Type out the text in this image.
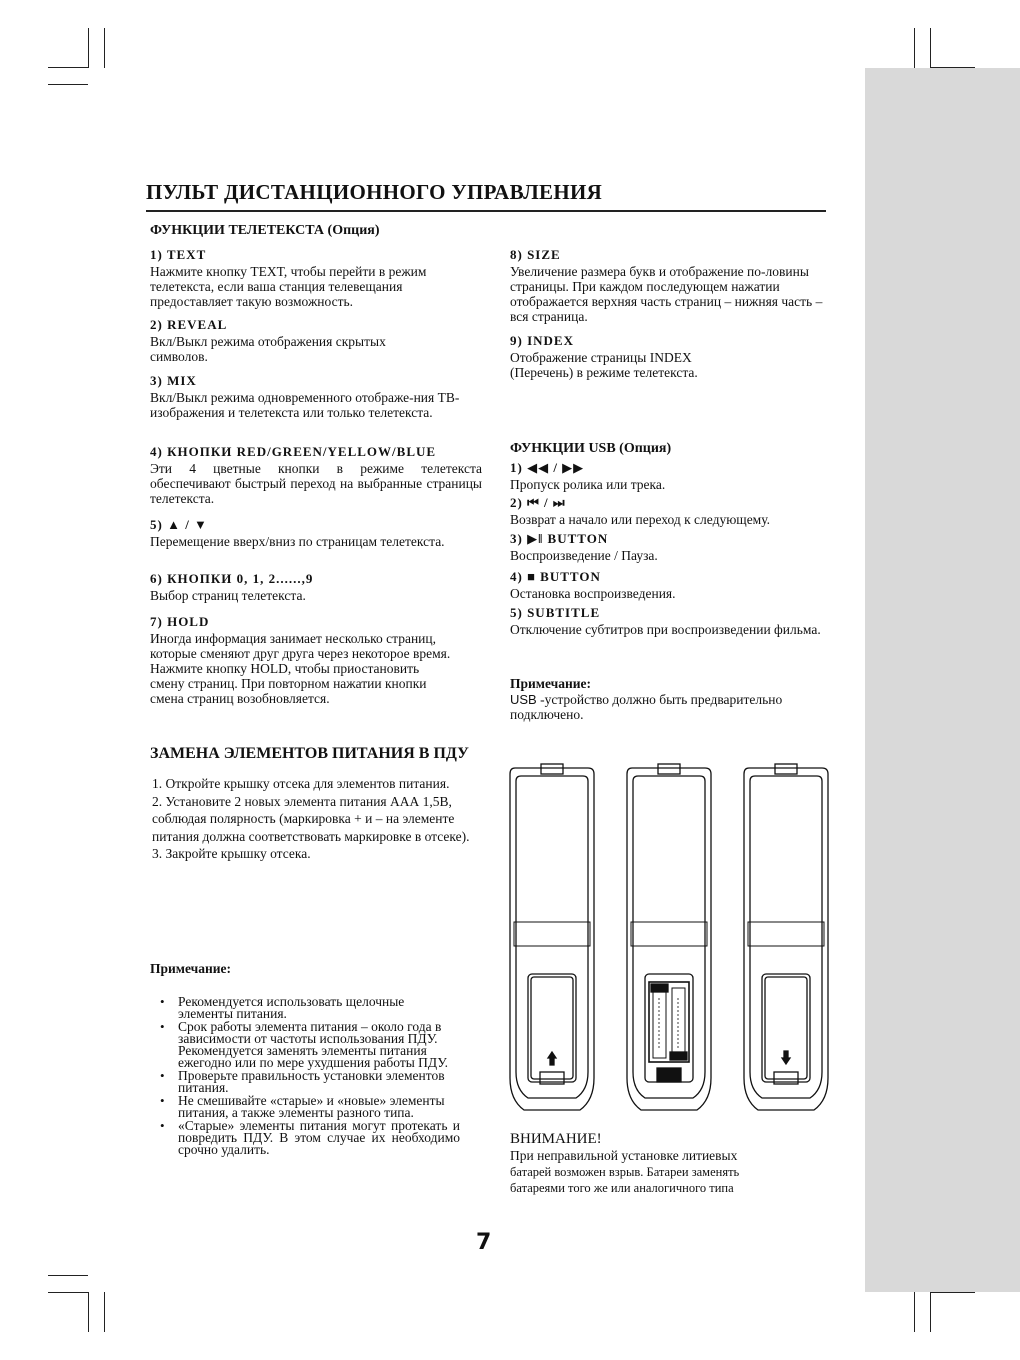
ПУЛЬТ ДИСТАНЦИОННОГО УПРАВЛЕНИЯ
ФУНКЦИИ ТЕЛЕТЕКСТА (Опция)

1) TEXT

Нажмите кнопку TEXT, чтобы перейти в режим телетекста, если ваша станция телевещания предоставляет такую возможность.

2) REVEAL

Вкл/Выкл режима отображения скрытых символов.

3) MIX

Вкл/Выкл режима одновременного отображе-ния ТВ-изображения и телетекста или только телетекста.

4) КНОПКИ RED/GREEN/YELLOW/BLUE

Эти 4 цветные кнопки в режиме телетекста обеспечивают быстрый переход на выбранные страницы телетекста.

5) ▲ / ▼

Перемещение вверх/вниз по страницам телетекста.

6) КНОПКИ 0, 1, 2......,9

Выбор страниц телетекста.

7) HOLD

Иногда информация занимает несколько страниц, которые сменяют друг друга через некоторое время. Нажмите кнопку HOLD, чтобы приостановить смену страниц. При повторном нажатии кнопки смена страниц возобновляется.

8) SIZE

Увеличение размера букв и отображение по-ловины страницы. При каждом последующем нажатии отображается верхняя часть страниц – нижняя часть – вся страница.

9) INDEX

Отображение страницы INDEX (Перечень) в режиме телетекста.

ФУНКЦИИ USB (Опция)

1) ◀◀ / ▶▶

Пропуск ролика или трека.

2) ⏮ / ⏭

Возврат а начало или переход к следующему.

3) ▶‖ BUTTON

Воспроизведение / Пауза.

4) ■ BUTTON

Остановка воспроизведения.

5) SUBTITLE

Отключение субтитров при воспроизведении фильма.

Примечание:
USB -устройство должно быть предварительно подключено.
ЗАМЕНА ЭЛЕМЕНТОВ ПИТАНИЯ В ПДУ
1. Откройте крышку отсека для элементов питания.
2. Установите 2 новых элемента питания ААА 1,5В, соблюдая полярность (маркировка + и – на элементе питания должна соответствовать маркировке в отсеке).
3. Закройте крышку отсека.
Примечание:
• Рекомендуется использовать щелочные элементы питания.
• Срок работы элемента питания – около года в зависимости от частоты использования ПДУ. Рекомендуется заменять элементы питания ежегодно или по мере ухудшения работы ПДУ.
• Проверьте правильность установки элементов питания.
• Не смешивайте «старые» и «новые» элементы питания, а также элементы разного типа.
• «Старые» элементы питания могут протекать и повредить ПДУ. В этом случае их необходимо срочно удалить.
ВНИМАНИЕ!
При неправильной установке литиевых
батарей возможен взрыв. Батареи заменять
батареями того же или аналогичного типа
7
